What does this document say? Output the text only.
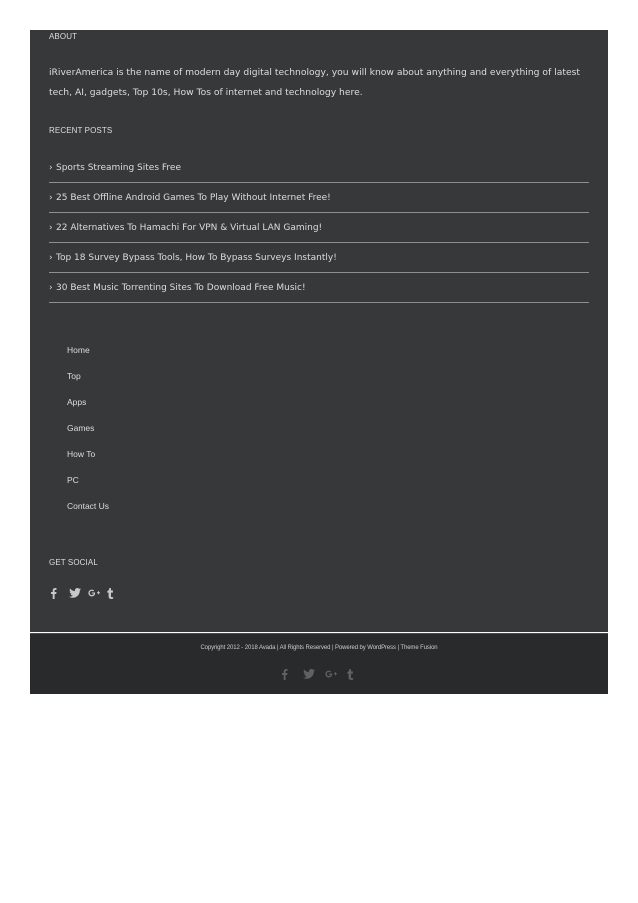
ABOUT
iRiverAmerica is the name of modern day digital technology, you will know about anything and everything of latest
tech, AI, gadgets, Top 10s, How Tos of internet and technology here.
RECENT POSTS
› Sports Streaming Sites Free
› 25 Best Offline Android Games To Play Without Internet Free!
› 22 Alternatives To Hamachi For VPN & Virtual LAN Gaming!
› Top 18 Survey Bypass Tools, How To Bypass Surveys Instantly!
› 30 Best Music Torrenting Sites To Download Free Music!
Home
Top
Apps
Games
How To
PC
Contact Us
GET SOCIAL
Copyright 2012 - 2018 Avada | All Rights Reserved | Powered by WordPress | Theme Fusion
